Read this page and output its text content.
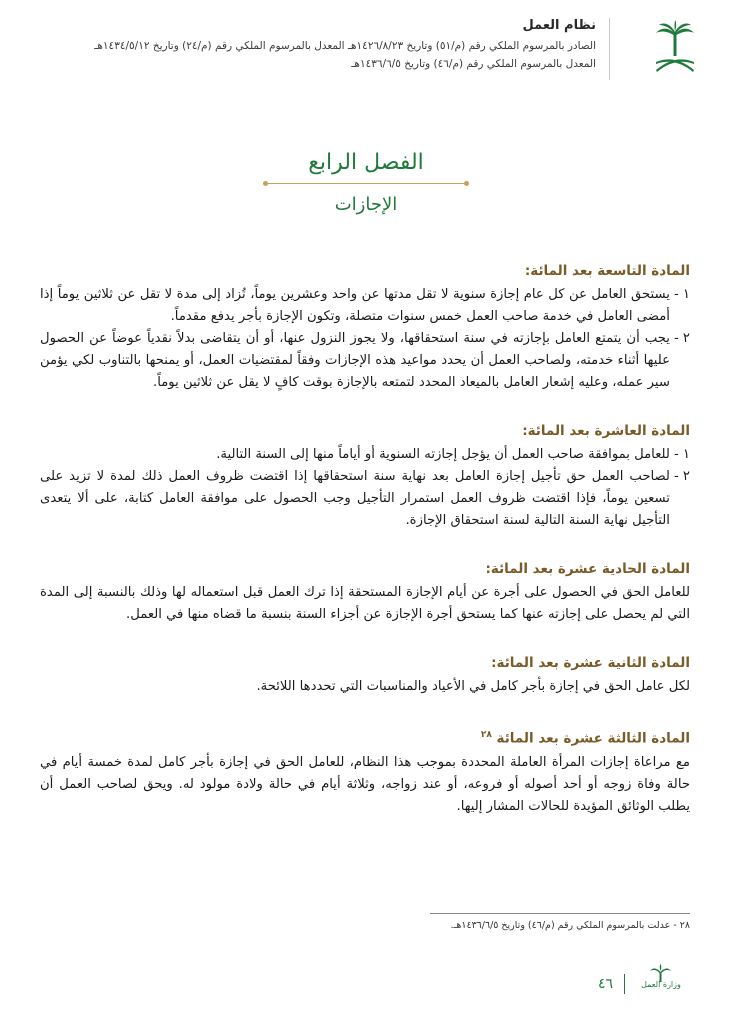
نظام العمل
الصادر بالمرسوم الملكي رقم (م/٥١) وتاريخ ١٤٢٦/٨/٢٣هـ المعدل بالمرسوم الملكي رقم (م/٢٤) وتاريخ ١٤٣٤/٥/١٢هـ
المعدل بالمرسوم الملكي رقم (م/٤٦) وتاريخ ١٤٣٦/٦/٥هـ
الفصل الرابع
الإجازات
المادة التاسعة بعد المائة:
١ -
يستحق العامل عن كل عام إجازة سنوية لا تقل مدتها عن واحد وعشرين يوماً، تُزاد إلى مدة لا تقل عن ثلاثين يوماً إذا أمضى العامل في خدمة صاحب العمل خمس سنوات متصلة، وتكون الإجازة بأجر يدفع مقدماً.
٢ -
يجب أن يتمتع العامل بإجازته في سنة استحقاقها، ولا يجوز النزول عنها، أو أن يتقاضى بدلاً نقدياً عوضاً عن الحصول عليها أثناء خدمته، ولصاحب العمل أن يحدد مواعيد هذه الإجازات وفقاً لمقتضيات العمل، أو يمنحها بالتناوب لكي يؤمن سير عمله، وعليه إشعار العامل بالميعاد المحدد لتمتعه بالإجازة بوقت كافٍ لا يقل عن ثلاثين يوماً.
المادة العاشرة بعد المائة:
١ -
للعامل بموافقة صاحب العمل أن يؤجل إجازته السنوية أو أياماً منها إلى السنة التالية.
٢ -
لصاحب العمل حق تأجيل إجازة العامل بعد نهاية سنة استحقاقها إذا اقتضت ظروف العمل ذلك لمدة لا تزيد على تسعين يوماً، فإذا اقتضت ظروف العمل استمرار التأجيل وجب الحصول على موافقة العامل كتابة، على ألا يتعدى التأجيل نهاية السنة التالية لسنة استحقاق الإجازة.
المادة الحادية عشرة بعد المائة:
للعامل الحق في الحصول على أجرة عن أيام الإجازة المستحقة إذا ترك العمل قبل استعماله لها وذلك بالنسبة إلى المدة التي لم يحصل على إجازته عنها كما يستحق أجرة الإجازة عن أجزاء السنة بنسبة ما قضاه منها في العمل.
المادة الثانية عشرة بعد المائة:
لكل عامل الحق في إجازة بأجر كامل في الأعياد والمناسبات التي تحددها اللائحة.
المادة الثالثة عشرة بعد المائة $^{٢٨}$
مع مراعاة إجازات المرأة العاملة المحددة بموجب هذا النظام، للعامل الحق في إجازة بأجر كامل لمدة خمسة أيام في حالة وفاة زوجه أو أحد أصوله أو فروعه، أو عند زواجه، وثلاثة أيام في حالة ولادة مولود له. ويحق لصاحب العمل أن يطلب الوثائق المؤيدة للحالات المشار إليها.
٢٨ - عدلت بالمرسوم الملكي رقم (م/٤٦) وتاريخ ١٤٣٦/٦/٥هـ.
٤٦	وزارة العمل
